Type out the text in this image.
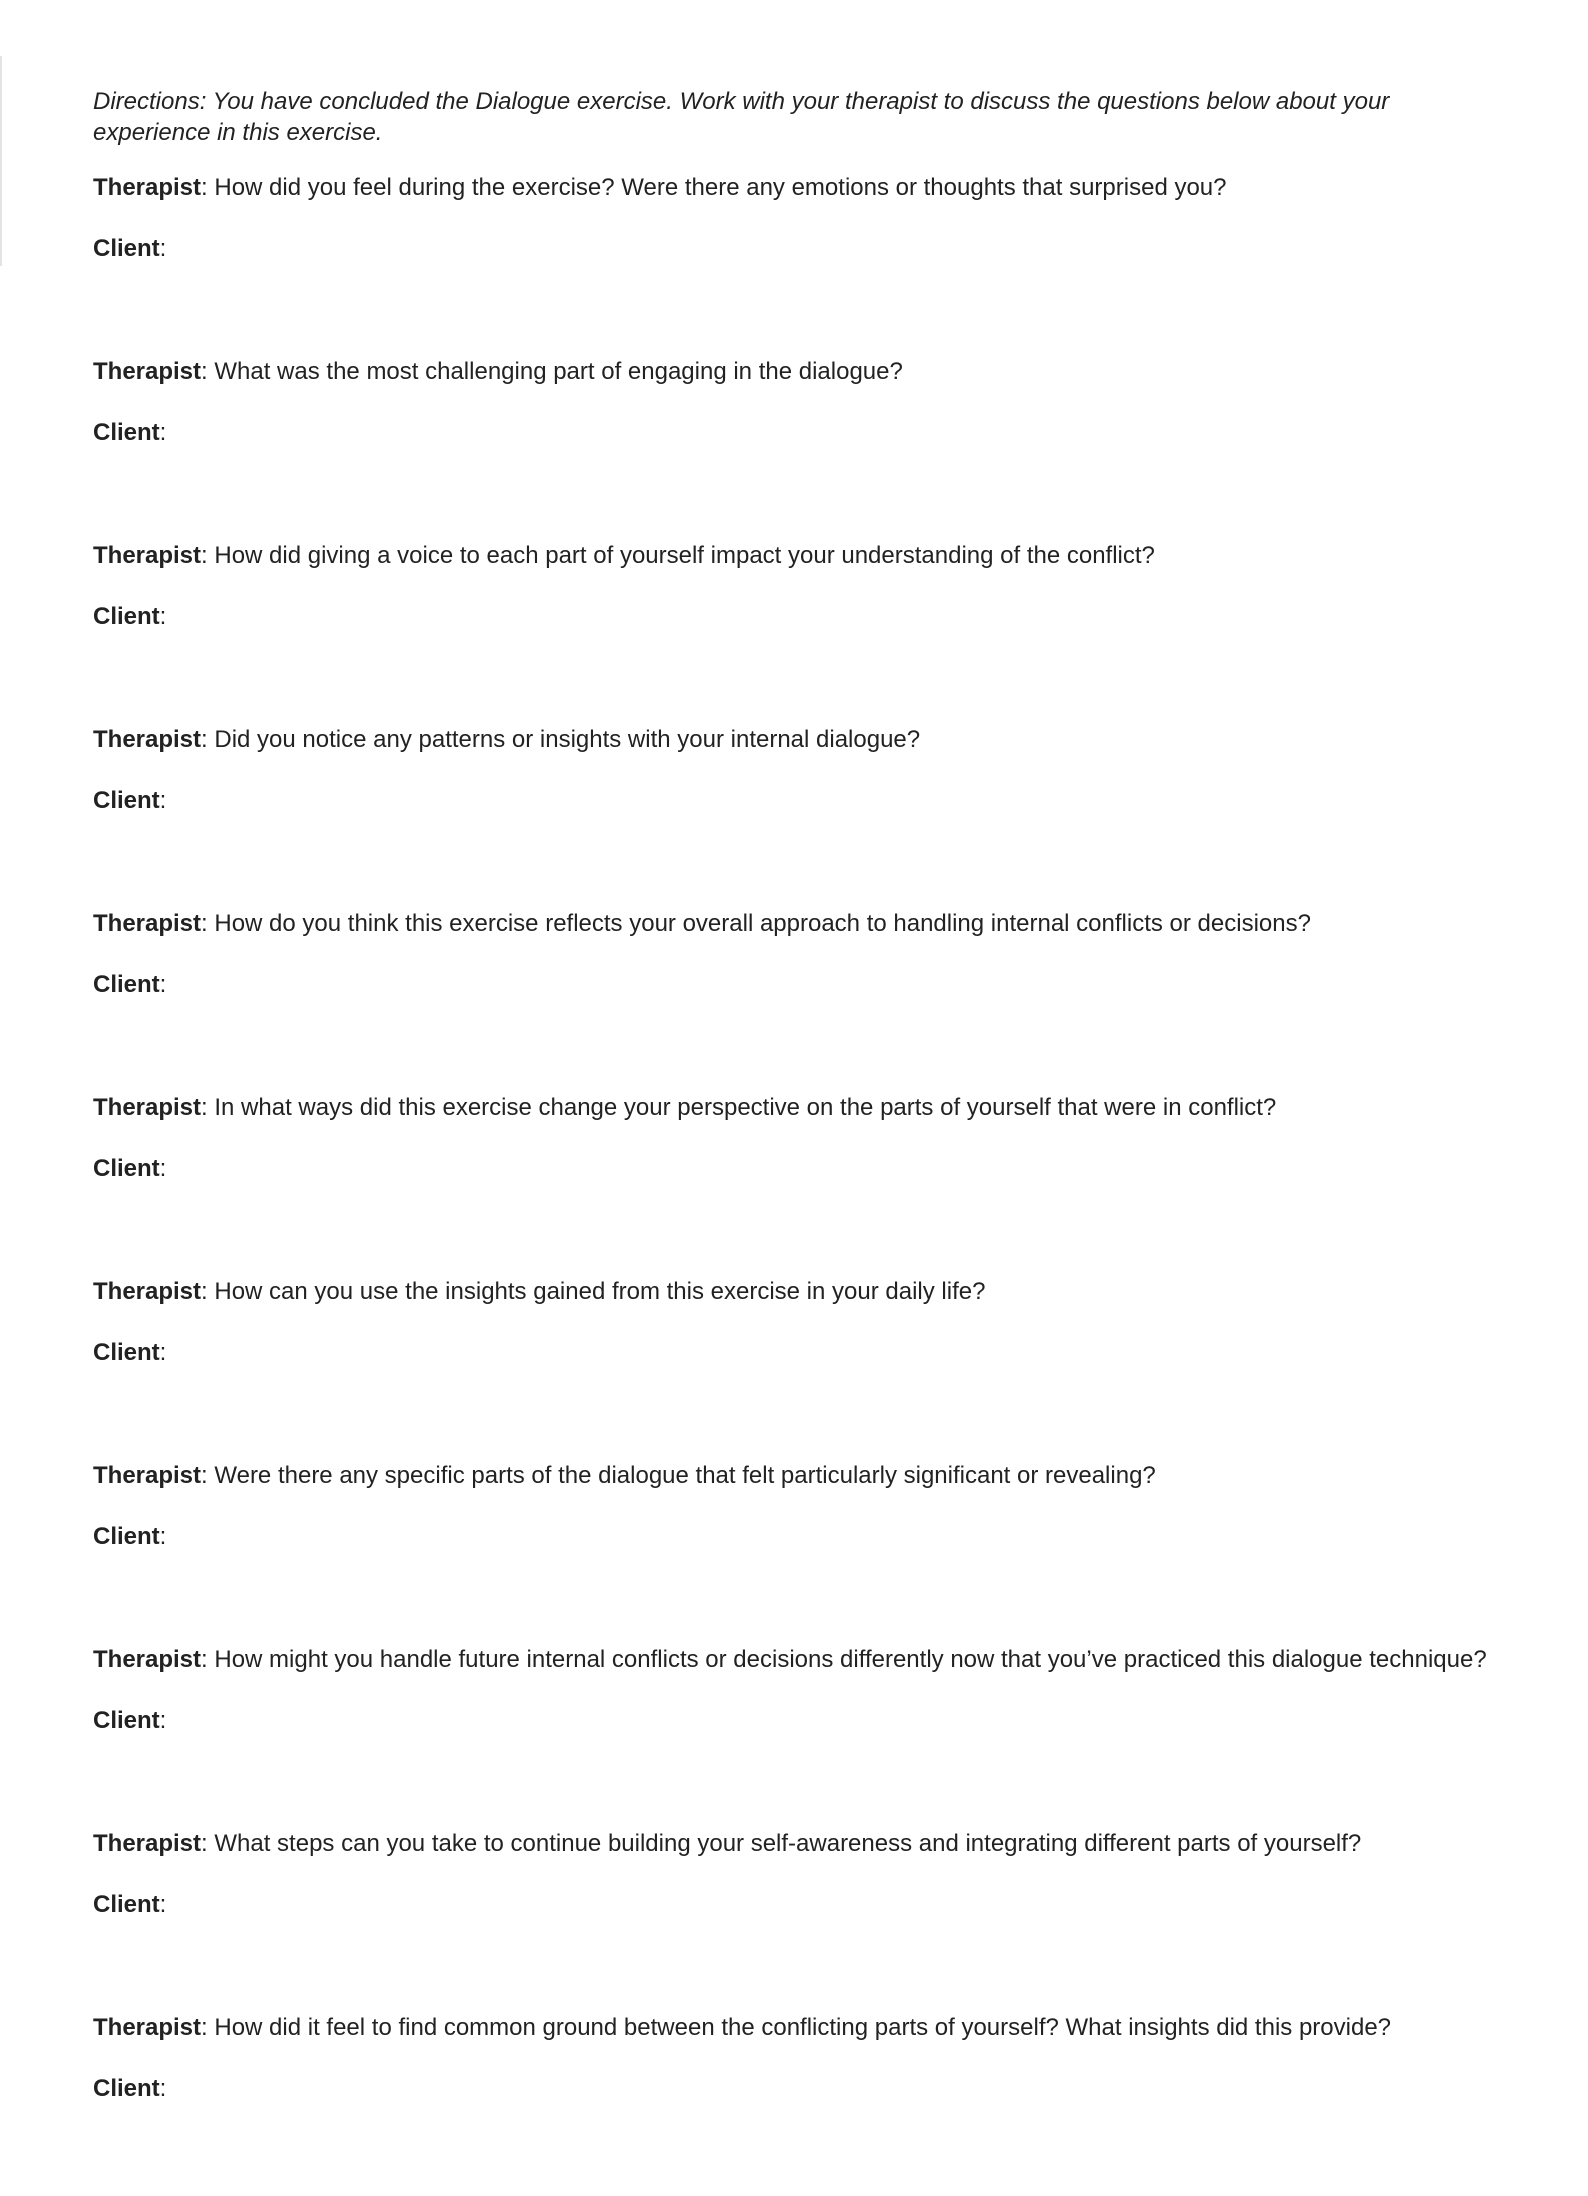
Directions: You have concluded the Dialogue exercise. Work with your therapist to discuss the questions below about your experience in this exercise.

Therapist: How did you feel during the exercise? Were there any emotions or thoughts that surprised you?

Client:

Therapist: What was the most challenging part of engaging in the dialogue?

Client:

Therapist: How did giving a voice to each part of yourself impact your understanding of the conflict?

Client:

Therapist: Did you notice any patterns or insights with your internal dialogue?

Client:

Therapist: How do you think this exercise reflects your overall approach to handling internal conflicts or decisions?

Client:

Therapist: In what ways did this exercise change your perspective on the parts of yourself that were in conflict?

Client:

Therapist: How can you use the insights gained from this exercise in your daily life?

Client:

Therapist: Were there any specific parts of the dialogue that felt particularly significant or revealing?

Client:

Therapist: How might you handle future internal conflicts or decisions differently now that you’ve practiced this dialogue technique?

Client:

Therapist: What steps can you take to continue building your self-awareness and integrating different parts of yourself?

Client:

Therapist: How did it feel to find common ground between the conflicting parts of yourself? What insights did this provide?

Client:
